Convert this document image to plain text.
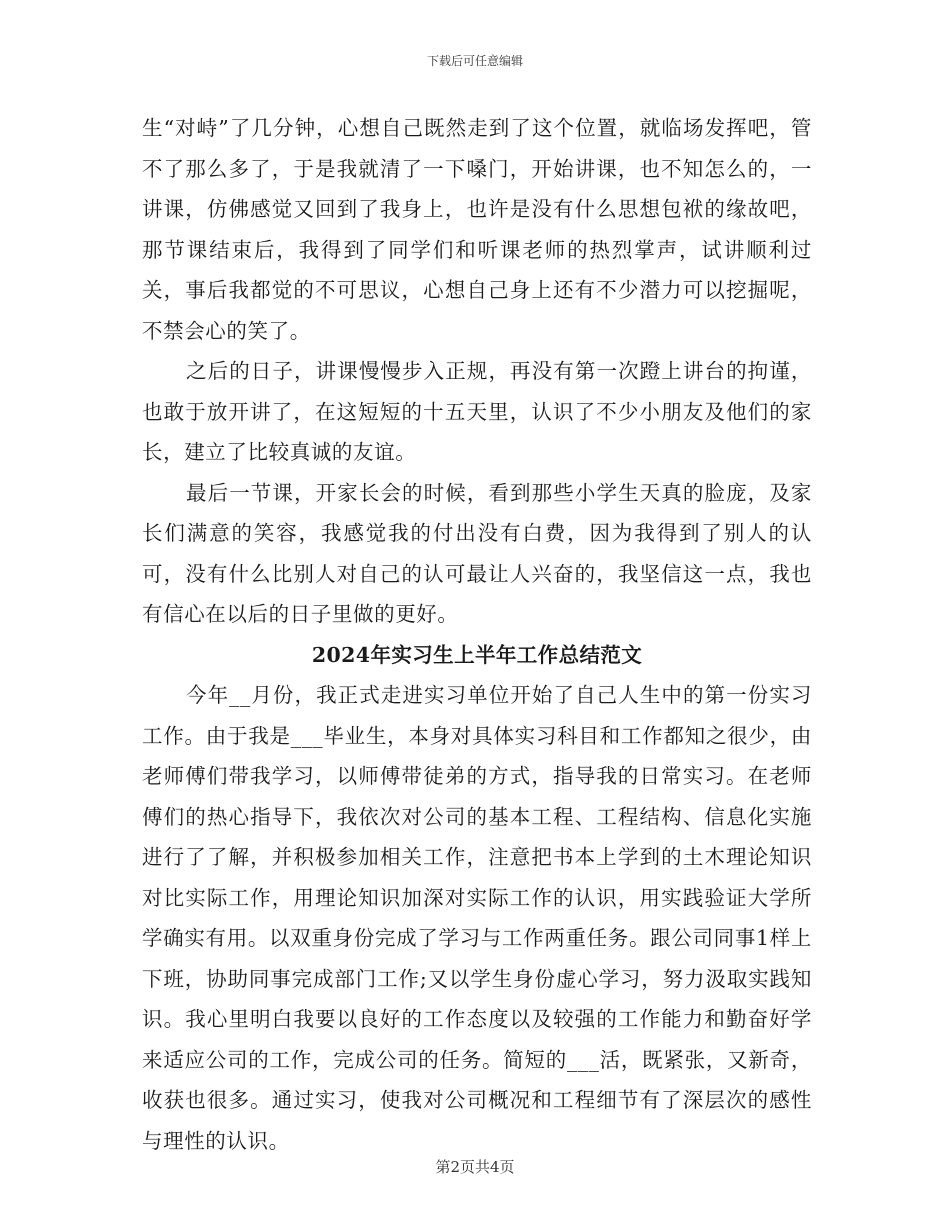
下载后可任意编辑

生“对峙”了几分钟，心想自己既然走到了这个位置，就临场发挥吧，管不了那么多了，于是我就清了一下嗓门，开始讲课，也不知怎么的，一讲课，仿佛感觉又回到了我身上，也许是没有什么思想包袱的缘故吧，那节课结束后，我得到了同学们和听课老师的热烈掌声，试讲顺利过关，事后我都觉的不可思议，心想自己身上还有不少潜力可以挖掘呢，不禁会心的笑了。

之后的日子，讲课慢慢步入正规，再没有第一次蹬上讲台的拘谨，也敢于放开讲了，在这短短的十五天里，认识了不少小朋友及他们的家长，建立了比较真诚的友谊。

最后一节课，开家长会的时候，看到那些小学生天真的脸庞，及家长们满意的笑容，我感觉我的付出没有白费，因为我得到了别人的认可，没有什么比别人对自己的认可最让人兴奋的，我坚信这一点，我也有信心在以后的日子里做的更好。

2024年实习生上半年工作总结范文

今年__月份，我正式走进实习单位开始了自己人生中的第一份实习工作。由于我是___毕业生，本身对具体实习科目和工作都知之很少，由老师傅们带我学习，以师傅带徒弟的方式，指导我的日常实习。在老师傅们的热心指导下，我依次对公司的基本工程、工程结构、信息化实施进行了了解，并积极参加相关工作，注意把书本上学到的土木理论知识对比实际工作，用理论知识加深对实际工作的认识，用实践验证大学所学确实有用。以双重身份完成了学习与工作两重任务。跟公司同事1样上下班，协助同事完成部门工作;又以学生身份虚心学习，努力汲取实践知识。我心里明白我要以良好的工作态度以及较强的工作能力和勤奋好学来适应公司的工作，完成公司的任务。简短的___活，既紧张，又新奇，收获也很多。通过实习，使我对公司概况和工程细节有了深层次的感性与理性的认识。

第2页共4页
